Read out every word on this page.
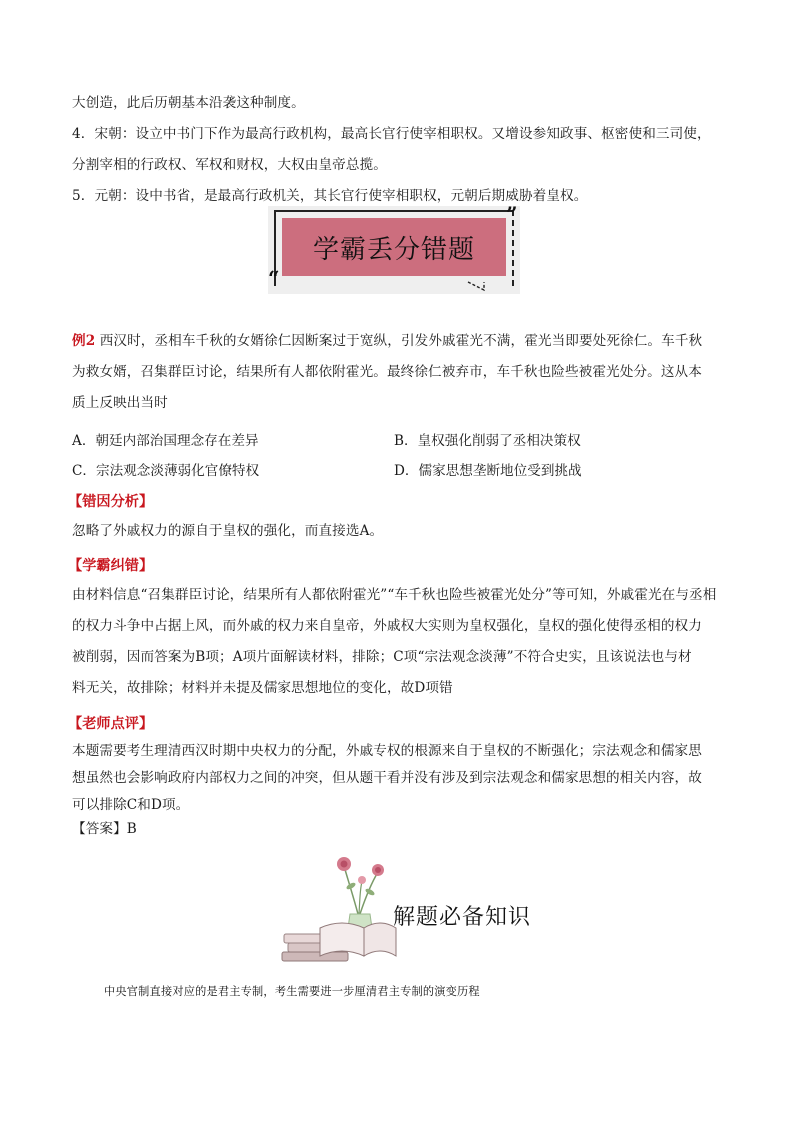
大创造，此后历朝基本沿袭这种制度。

4．宋朝：设立中书门下作为最高行政机构，最高长官行使宰相职权。又增设参知政事、枢密使和三司使，

分割宰相的行政权、军权和财权，大权由皇帝总揽。

5．元朝：设中书省，是最高行政机关，其长官行使宰相职权，元朝后期威胁着皇权。

学霸丢分错题
“
”

例2 西汉时，丞相车千秋的女婿徐仁因断案过于宽纵，引发外戚霍光不满，霍光当即要处死徐仁。车千秋

为救女婿，召集群臣讨论，结果所有人都依附霍光。最终徐仁被弃市，车千秋也险些被霍光处分。这从本

质上反映出当时

A．朝廷内部治国理念存在差异	B．皇权强化削弱了丞相决策权
C．宗法观念淡薄弱化官僚特权	D．儒家思想垄断地位受到挑战
【错因分析】

忽略了外戚权力的源自于皇权的强化，而直接选A。

【学霸纠错】

由材料信息“召集群臣讨论，结果所有人都依附霍光”“车千秋也险些被霍光处分”等可知，外戚霍光在与丞相

的权力斗争中占据上风，而外戚的权力来自皇帝，外戚权大实则为皇权强化，皇权的强化使得丞相的权力

被削弱，因而答案为B项；A项片面解读材料，排除；C项“宗法观念淡薄”不符合史实，且该说法也与材

料无关，故排除；材料并未提及儒家思想地位的变化，故D项错

【老师点评】

本题需要考生理清西汉时期中央权力的分配，外戚专权的根源来自于皇权的不断强化；宗法观念和儒家思

想虽然也会影响政府内部权力之间的冲突，但从题干看并没有涉及到宗法观念和儒家思想的相关内容，故

可以排除C和D项。

【答案】B

解题必备知识
中央官制直接对应的是君主专制，考生需要进一步厘清君主专制的演变历程
